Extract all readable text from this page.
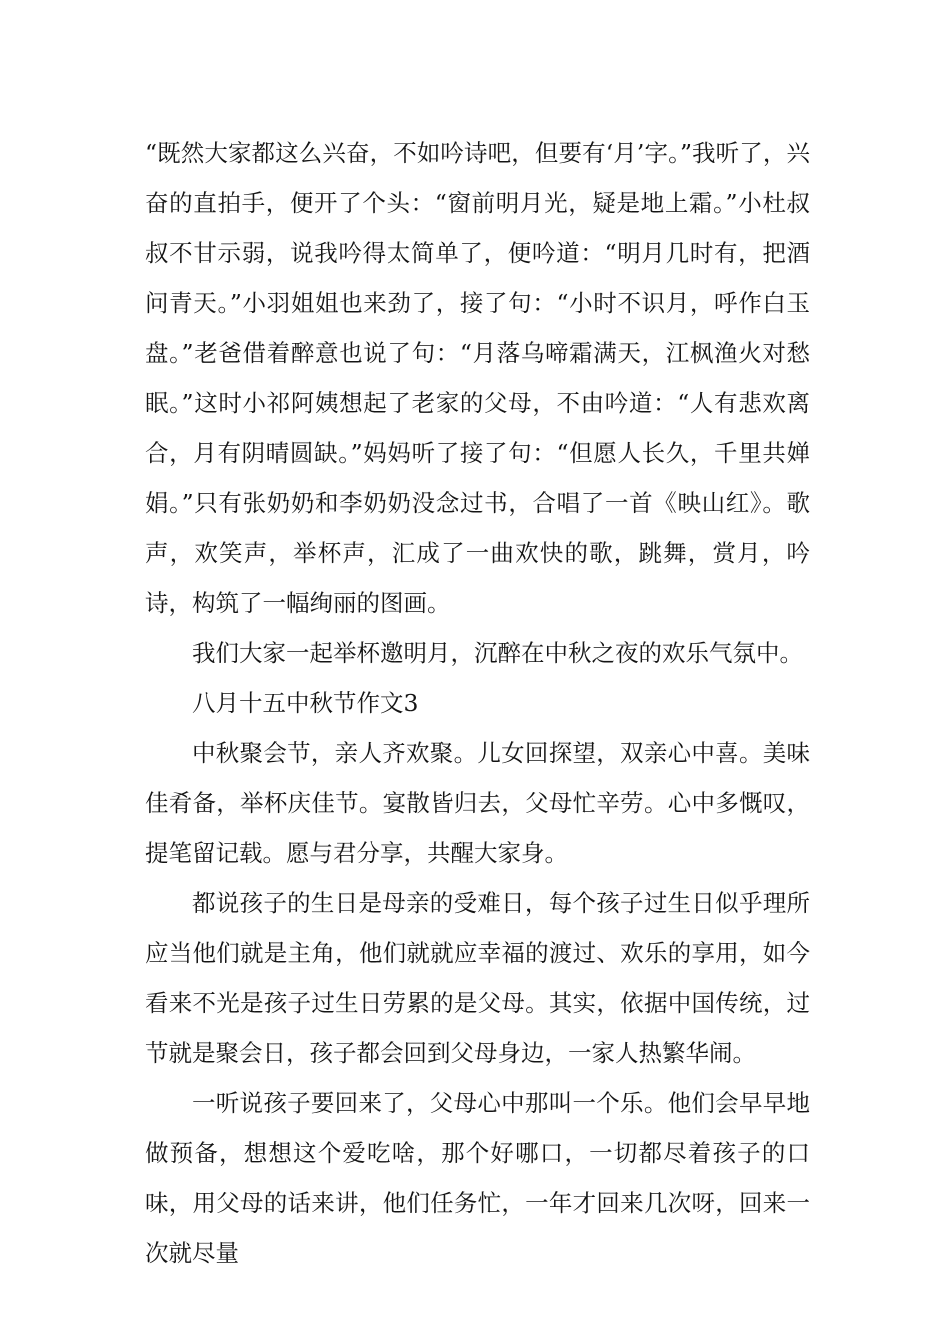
“既然大家都这么兴奋，不如吟诗吧，但要有‘月’字。”我听了，兴奋的直拍手，便开了个头：“窗前明月光，疑是地上霜。”小杜叔叔不甘示弱，说我吟得太简单了，便吟道：“明月几时有，把酒问青天。”小羽姐姐也来劲了，接了句：“小时不识月，呼作白玉盘。”老爸借着醉意也说了句：“月落乌啼霜满天，江枫渔火对愁眠。”这时小祁阿姨想起了老家的父母，不由吟道：“人有悲欢离合，月有阴晴圆缺。”妈妈听了接了句：“但愿人长久，千里共婵娟。”只有张奶奶和李奶奶没念过书，合唱了一首《映山红》。歌声，欢笑声，举杯声，汇成了一曲欢快的歌，跳舞，赏月，吟诗，构筑了一幅绚丽的图画。

我们大家一起举杯邀明月，沉醉在中秋之夜的欢乐气氛中。

八月十五中秋节作文3

中秋聚会节，亲人齐欢聚。儿女回探望，双亲心中喜。美味佳肴备，举杯庆佳节。宴散皆归去，父母忙辛劳。心中多慨叹，提笔留记载。愿与君分享，共醒大家身。

都说孩子的生日是母亲的受难日，每个孩子过生日似乎理所应当他们就是主角，他们就就应幸福的渡过、欢乐的享用，如今看来不光是孩子过生日劳累的是父母。其实，依据中国传统，过节就是聚会日，孩子都会回到父母身边，一家人热繁华闹。

一听说孩子要回来了，父母心中那叫一个乐。他们会早早地做预备，想想这个爱吃啥，那个好哪口，一切都尽着孩子的口味，用父母的话来讲，他们任务忙，一年才回来几次呀，回来一次就尽量
